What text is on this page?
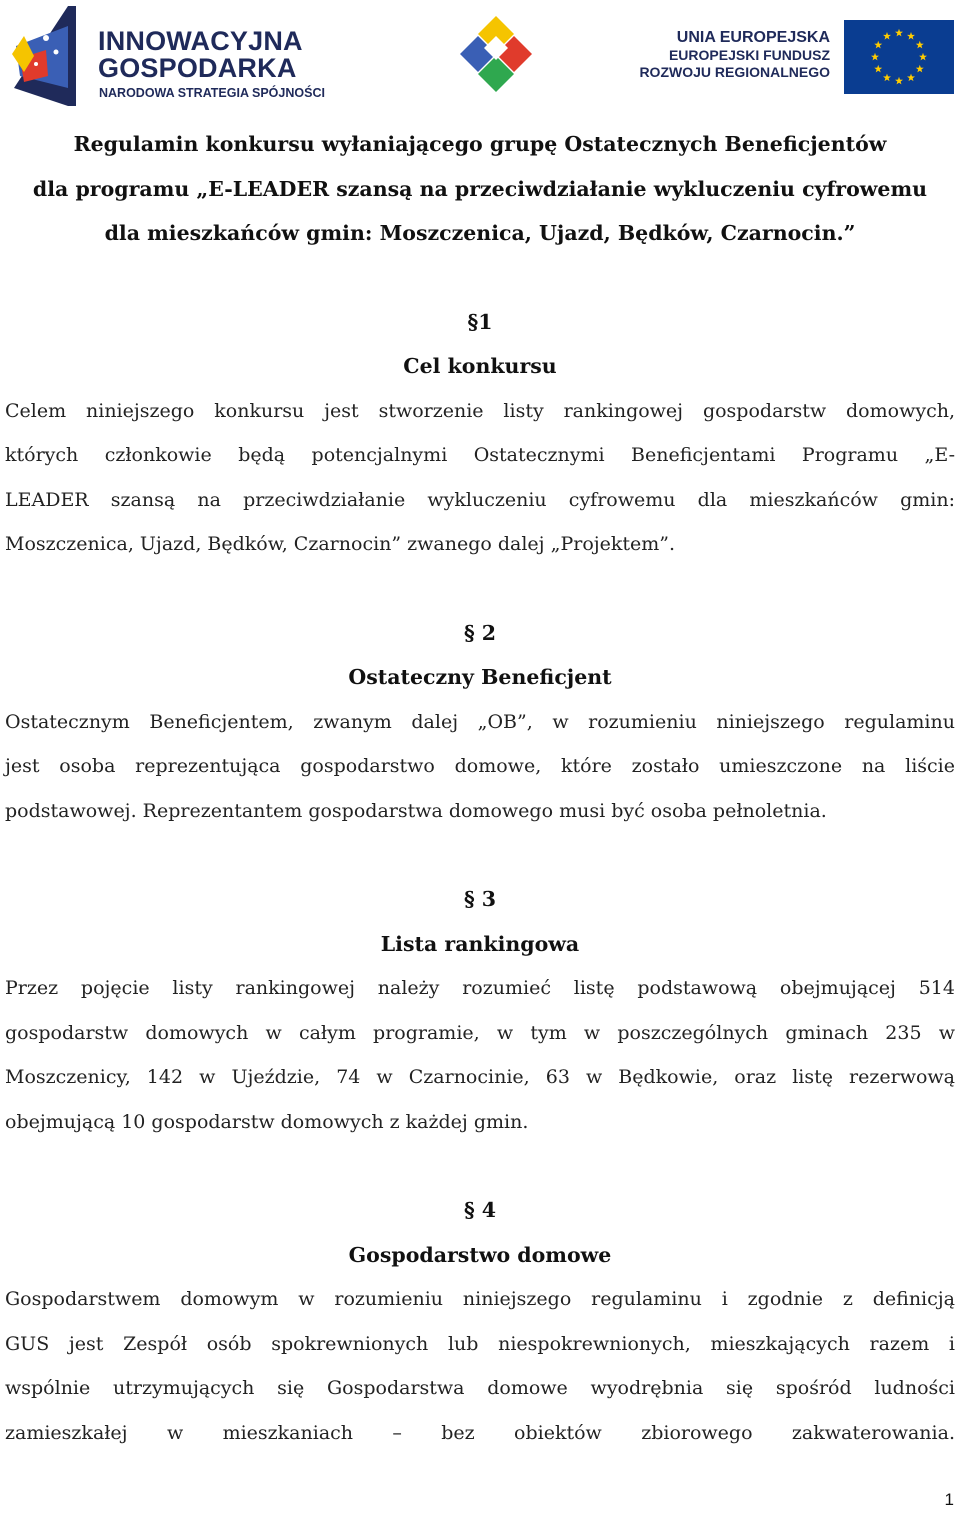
INNOWACYJNA
GOSPODARKA
NARODOWA STRATEGIA SPÓJNOŚCI
UNIA EUROPEJSKA
EUROPEJSKI FUNDUSZ
ROZWOJU REGIONALNEGO
Regulamin konkursu wyłaniającego grupę Ostatecznych Beneficjentów
dla programu „E-LEADER szansą na przeciwdziałanie wykluczeniu cyfrowemu
dla mieszkańców gmin: Moszczenica, Ujazd, Będków, Czarnocin.”
§1
Cel konkursu
Celem niniejszego konkursu jest stworzenie listy rankingowej gospodarstw domowych,
których członkowie będą potencjalnymi Ostatecznymi Beneficjentami Programu „E-
LEADER szansą na przeciwdziałanie wykluczeniu cyfrowemu dla mieszkańców gmin:
Moszczenica, Ujazd, Będków, Czarnocin” zwanego dalej „Projektem”.
§ 2
Ostateczny Beneficjent
Ostatecznym Beneficjentem, zwanym dalej „OB”, w rozumieniu niniejszego regulaminu
jest osoba reprezentująca gospodarstwo domowe, które zostało umieszczone na liście
podstawowej. Reprezentantem gospodarstwa domowego musi być osoba pełnoletnia.
§ 3
Lista rankingowa
Przez pojęcie listy rankingowej należy rozumieć listę podstawową obejmującej 514
gospodarstw domowych w całym programie, w tym w poszczególnych gminach 235 w
Moszczenicy, 142 w Ujeździe, 74 w Czarnocinie, 63 w Będkowie, oraz listę rezerwową
obejmującą 10 gospodarstw domowych z każdej gmin.
§ 4
Gospodarstwo domowe
Gospodarstwem domowym w rozumieniu niniejszego regulaminu i zgodnie z definicją
GUS jest Zespół osób spokrewnionych lub niespokrewnionych, mieszkających razem i
wspólnie utrzymujących się Gospodarstwa domowe wyodrębnia się spośród ludności
zamieszkałej w mieszkaniach – bez obiektów zbiorowego zakwaterowania.
1
